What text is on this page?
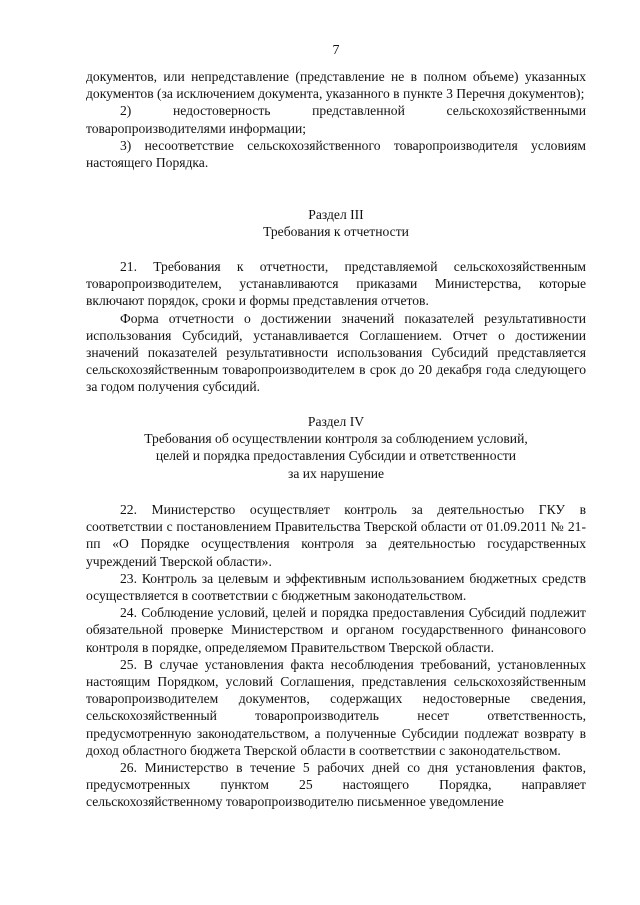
7

документов, или непредставление (представление не в полном объеме) указанных документов (за исключением документа, указанного в пункте 3 Перечня документов);

2) недостоверность представленной сельскохозяйственными товаропроизводителями информации;

3) несоответствие сельскохозяйственного товаропроизводителя условиям настоящего Порядка.

Раздел III

Требования к отчетности

21. Требования к отчетности, представляемой сельскохозяйственным товаропроизводителем, устанавливаются приказами Министерства, которые включают порядок, сроки и формы представления отчетов.

Форма отчетности о достижении значений показателей результативности использования Субсидий, устанавливается Соглашением. Отчет о достижении значений показателей результативности использования Субсидий представляется сельскохозяйственным товаропроизводителем в срок до 20 декабря года следующего за годом получения субсидий.

Раздел IV

Требования об осуществлении контроля за соблюдением условий,

целей и порядка предоставления Субсидии и ответственности

за их нарушение

22. Министерство осуществляет контроль за деятельностью ГКУ в соответствии с постановлением Правительства Тверской области от 01.09.2011 № 21-пп «О Порядке осуществления контроля за деятельностью государственных учреждений Тверской области».

23. Контроль за целевым и эффективным использованием бюджетных средств осуществляется в соответствии с бюджетным законодательством.

24. Соблюдение условий, целей и порядка предоставления Субсидий подлежит обязательной проверке Министерством и органом государственного финансового контроля в порядке, определяемом Правительством Тверской области.

25. В случае установления факта несоблюдения требований, установленных настоящим Порядком, условий Соглашения, представления сельскохозяйственным товаропроизводителем документов, содержащих недостоверные сведения, сельскохозяйственный товаропроизводитель несет ответственность, предусмотренную законодательством, а полученные Субсидии подлежат возврату в доход областного бюджета Тверской области в соответствии с законодательством.

26. Министерство в течение 5 рабочих дней со дня установления фактов, предусмотренных пунктом 25 настоящего Порядка, направляет сельскохозяйственному товаропроизводителю письменное уведомление
